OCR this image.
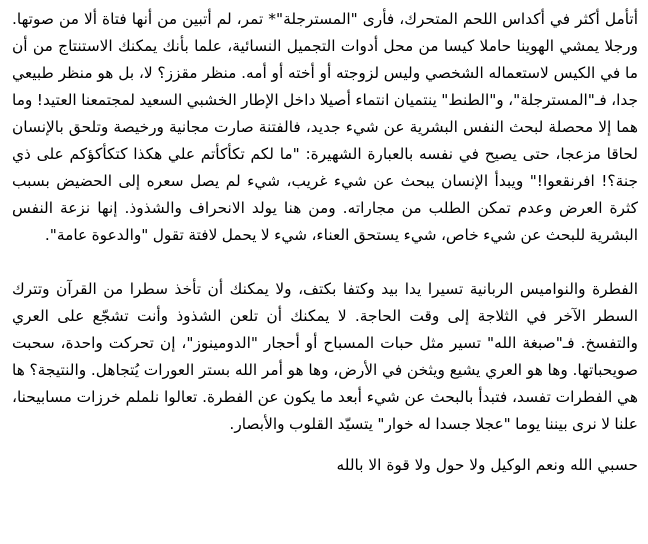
أتأمل أكثر في أكداس اللحم المتحرك، فأرى "المسترجلة"* تمر، لم أتبين من أنها فتاة ألا من صوتها. ورجلا يمشي الهوينا حاملا كيسا من محل أدوات التجميل النسائية، علما بأنك يمكنك الاستنتاج من أن ما في الكيس لاستعماله الشخصي وليس لزوجته أو أخته أو أمه. منظر مقزز؟ لا، بل هو منظر طبيعي جدا، فـ"المسترجلة"، و"الطنط" ينتميان انتماء أصيلا داخل الإطار الخشبي السعيد لمجتمعنا العتيد! وما هما إلا محصلة لبحث النفس البشرية عن شيء جديد، فالفتنة صارت مجانية ورخيصة وتلحق بالإنسان لحاقا مزعجا، حتى يصيح في نفسه بالعبارة الشهيرة: "ما لكم تكأكأتم علي هكذا كتكأكؤكم على ذي جنة؟! افرنقعوا!" ويبدأ الإنسان يبحث عن شيء غريب، شيء لم يصل سعره إلى الحضيض بسبب كثرة العرض وعدم تمكن الطلب من مجاراته. ومن هنا يولد الانحراف والشذوذ. إنها نزعة النفس البشرية للبحث عن شيء خاص، شيء يستحق العناء، شيء لا يحمل لافتة تقول "والدعوة عامة".

الفطرة والنواميس الربانية تسيرا يدا بيد وكتفا بكتف، ولا يمكنك أن تأخذ سطرا من القرآن وتترك السطر الآخر في الثلاجة إلى وقت الحاجة. لا يمكنك أن تلعن الشذوذ وأنت تشجّع على العري والتفسخ. فـ"صبغة الله" تسير مثل حبات المسباح أو أحجار "الدومينوز"، إن تحركت واحدة، سحبت صويحباتها. وها هو العري يشيع ويثخن في الأرض، وها هو أمر الله بستر العورات يُتجاهل. والنتيجة؟ ها هي الفطرات تفسد، فتبدأ بالبحث عن شيء أبعد ما يكون عن الفطرة. تعالوا نلملم خرزات مسابيحنا، علنا لا نرى بيننا يوما "عجلا جسدا له خوار" يتسيّد القلوب والأبصار.

حسبي الله ونعم الوكيل ولا حول ولا قوة الا بالله
